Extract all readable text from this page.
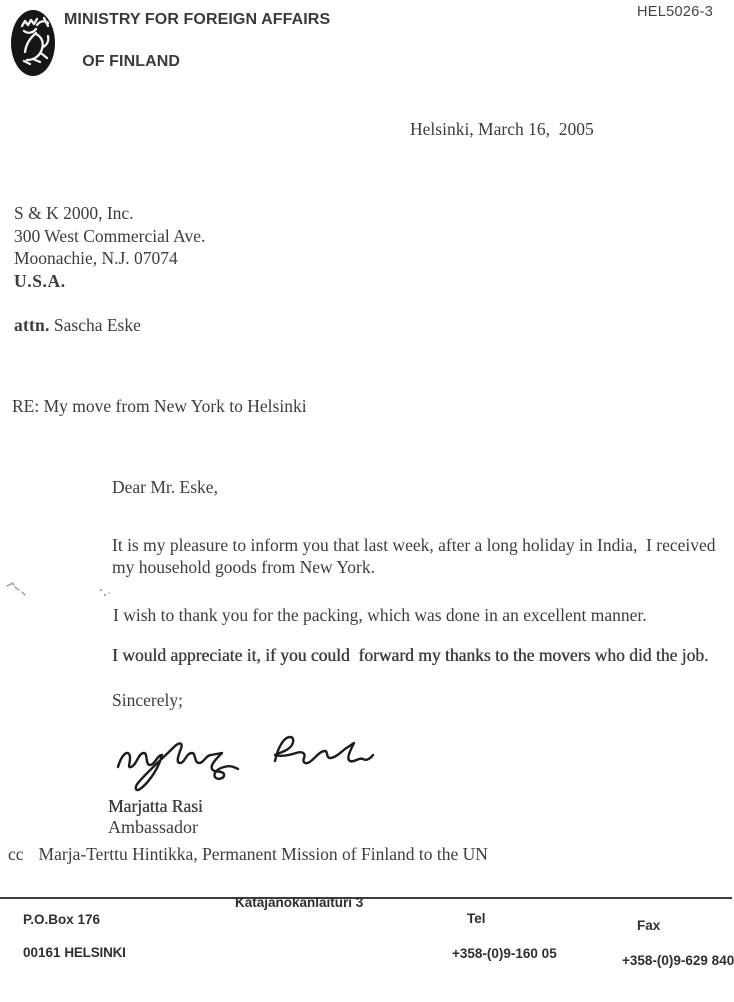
MINISTRY FOR FOREIGN AFFAIRS

OF FINLAND

HEL5026-3
Helsinki, March 16,  2005
S & K 2000, Inc.
300 West Commercial Ave.
Moonachie, N.J. 07074
U.S.A.
attn. Sascha Eske
RE: My move from New York to Helsinki
Dear Mr. Eske,

It is my pleasure to inform you that last week, after a long holiday in India,  I received my household goods from New York.

I wish to thank you for the packing, which was done in an excellent manner.

I would appreciate it, if you could  forward my thanks to the movers who did the job.

Sincerely;
Marjatta Rasi
Ambassador
cc Marja-Terttu Hintikka, Permanent Mission of Finland to the UN

P.O.Box 176

00161 HELSINKI

Katajanokanlaituri 3

Tel

+358-(0)9-160 05

Fax

+358-(0)9-629 840
